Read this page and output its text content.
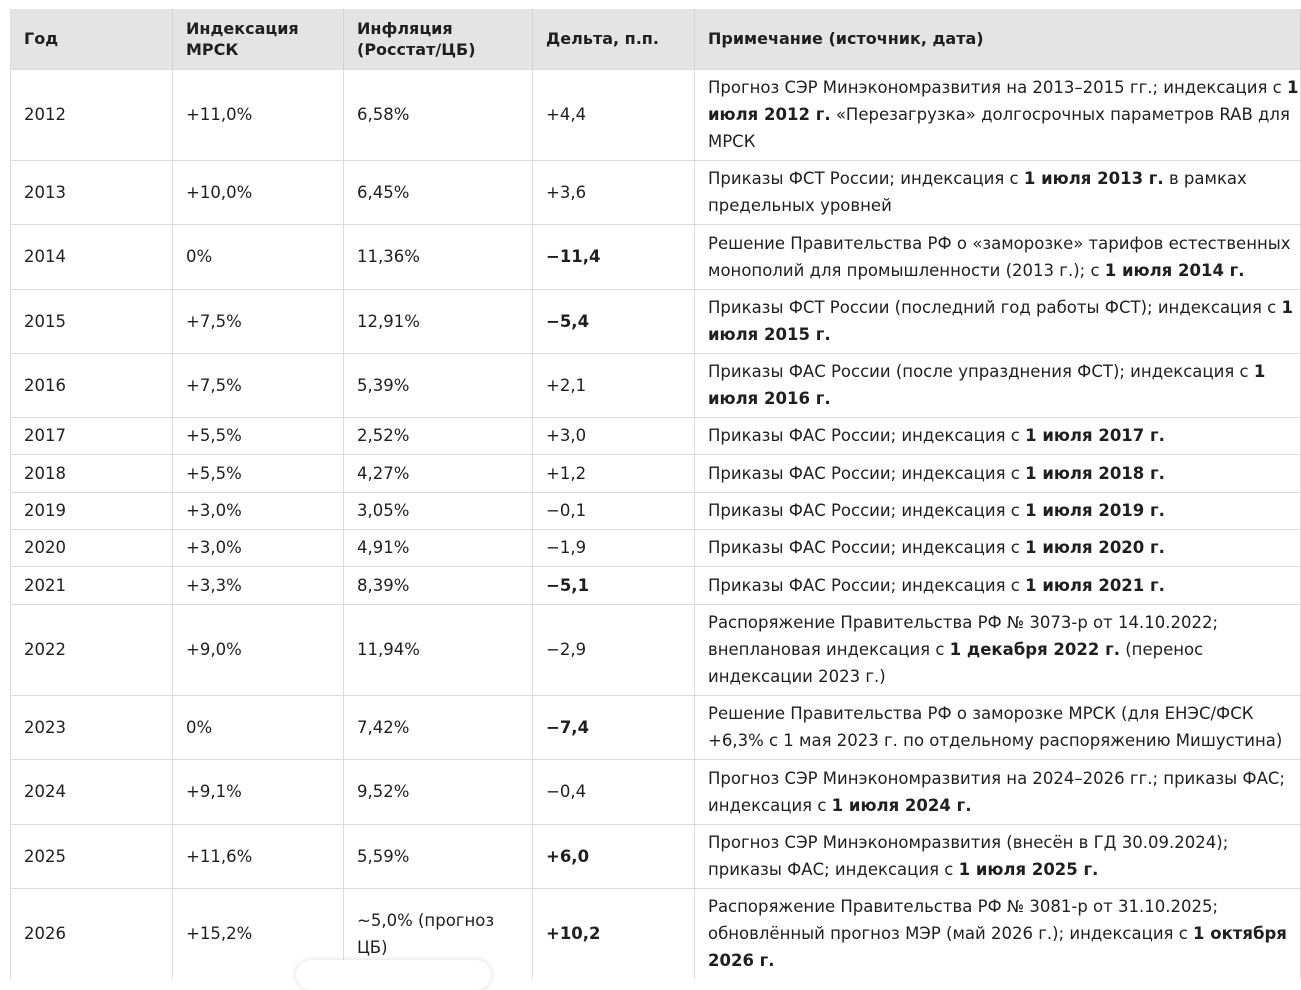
Год	Индексация МРСК	Инфляция (Росстат/ЦБ)	Дельта, п.п.	Примечание (источник, дата)
2012	+11,0%	6,58%	+4,4	Прогноз СЭР Минэкономразвития на 2013–2015 гг.; индексация с 1 июля 2012 г. «Перезагрузка» долгосрочных параметров RAB для МРСК
2013	+10,0%	6,45%	+3,6	Приказы ФСТ России; индексация с 1 июля 2013 г. в рамках предельных уровней
2014	0%	11,36%	−11,4	Решение Правительства РФ о «заморозке» тарифов естественных монополий для промышленности (2013 г.); с 1 июля 2014 г.
2015	+7,5%	12,91%	−5,4	Приказы ФСТ России (последний год работы ФСТ); индексация с 1 июля 2015 г.
2016	+7,5%	5,39%	+2,1	Приказы ФАС России (после упразднения ФСТ); индексация с 1 июля 2016 г.
2017	+5,5%	2,52%	+3,0	Приказы ФАС России; индексация с 1 июля 2017 г.
2018	+5,5%	4,27%	+1,2	Приказы ФАС России; индексация с 1 июля 2018 г.
2019	+3,0%	3,05%	−0,1	Приказы ФАС России; индексация с 1 июля 2019 г.
2020	+3,0%	4,91%	−1,9	Приказы ФАС России; индексация с 1 июля 2020 г.
2021	+3,3%	8,39%	−5,1	Приказы ФАС России; индексация с 1 июля 2021 г.
2022	+9,0%	11,94%	−2,9	Распоряжение Правительства РФ № 3073-р от 14.10.2022; внеплановая индексация с 1 декабря 2022 г. (перенос индексации 2023 г.)
2023	0%	7,42%	−7,4	Решение Правительства РФ о заморозке МРСК (для ЕНЭС/ФСК +6,3% с 1 мая 2023 г. по отдельному распоряжению Мишустина)
2024	+9,1%	9,52%	−0,4	Прогноз СЭР Минэкономразвития на 2024–2026 гг.; приказы ФАС; индексация с 1 июля 2024 г.
2025	+11,6%	5,59%	+6,0	Прогноз СЭР Минэкономразвития (внесён в ГД 30.09.2024); приказы ФАС; индексация с 1 июля 2025 г.
2026	+15,2%	~5,0% (прогноз ЦБ)	+10,2	Распоряжение Правительства РФ № 3081-р от 31.10.2025; обновлённый прогноз МЭР (май 2026 г.); индексация с 1 октября 2026 г.
